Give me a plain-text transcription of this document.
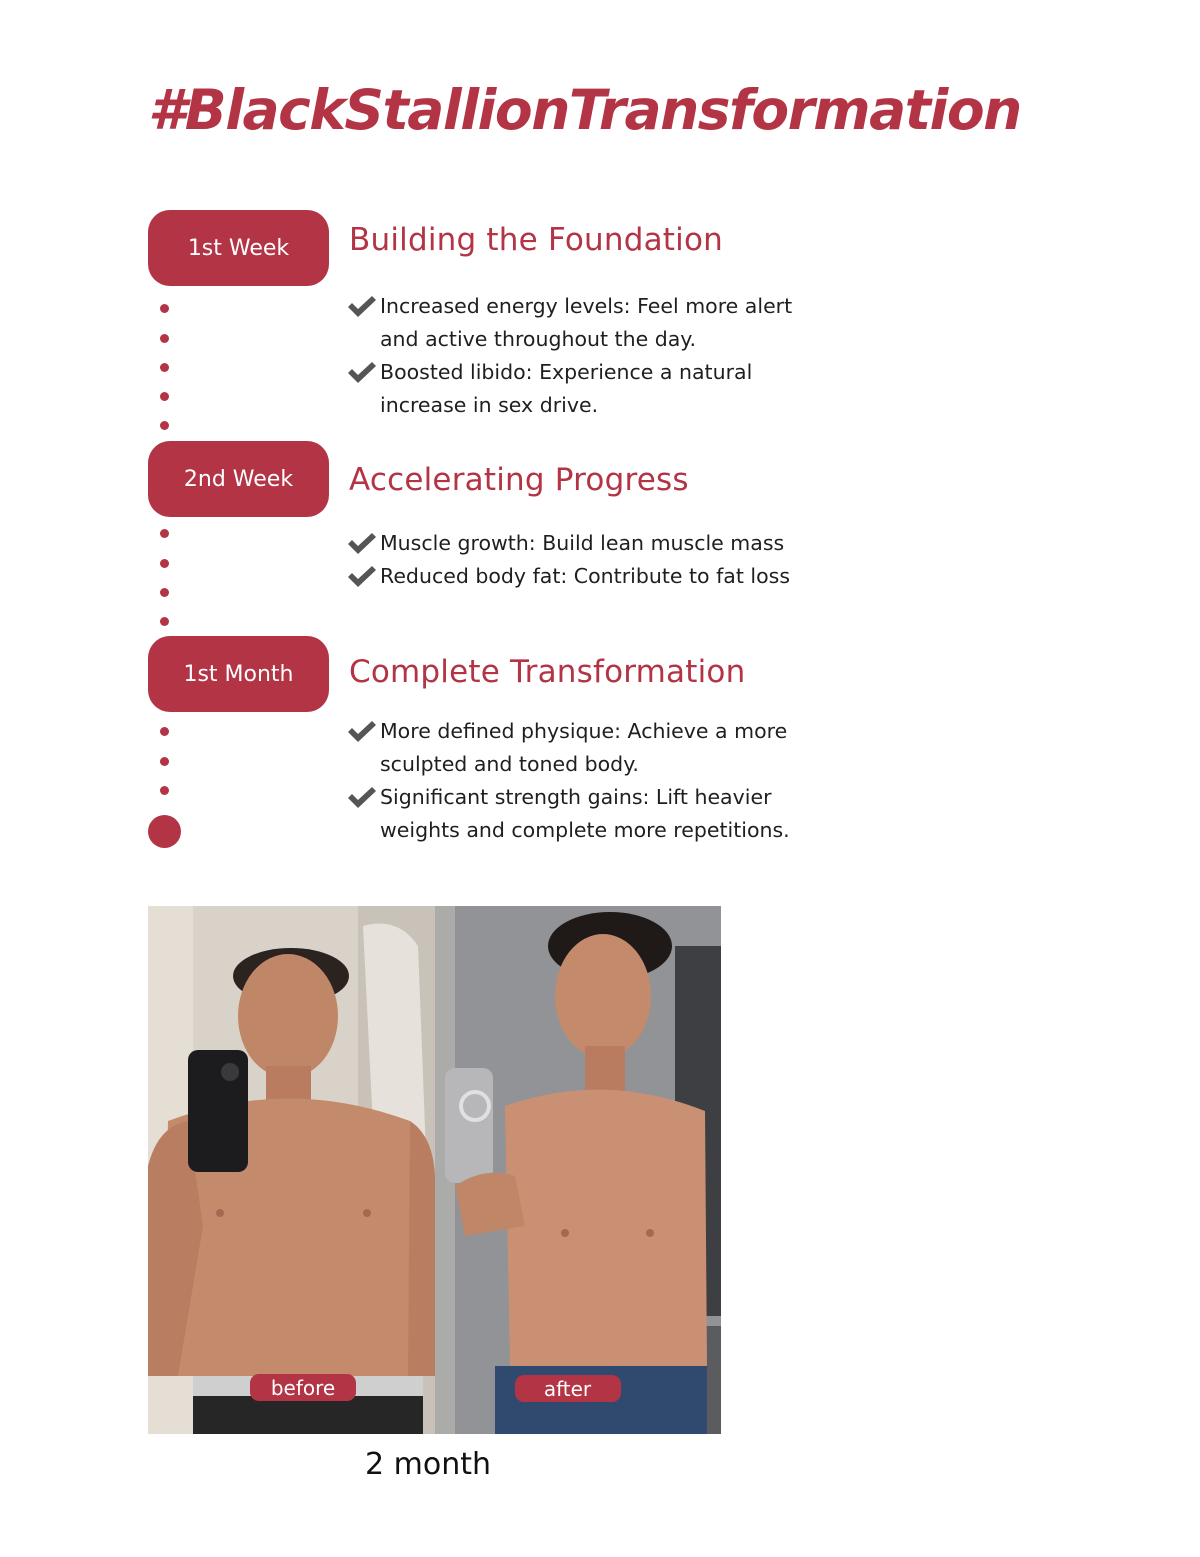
#BlackStallionTransformation
1st Week Building the Foundation
Increased energy levels: Feel more alert
and active throughout the day.
Boosted libido: Experience a natural
increase in sex drive.
2nd Week Accelerating Progress
Muscle growth: Build lean muscle mass
Reduced body fat: Contribute to fat loss
1st Month Complete Transformation
More defined physique: Achieve a more
sculpted and toned body.
Significant strength gains: Lift heavier
weights and complete more repetitions.
before	after
2 month
